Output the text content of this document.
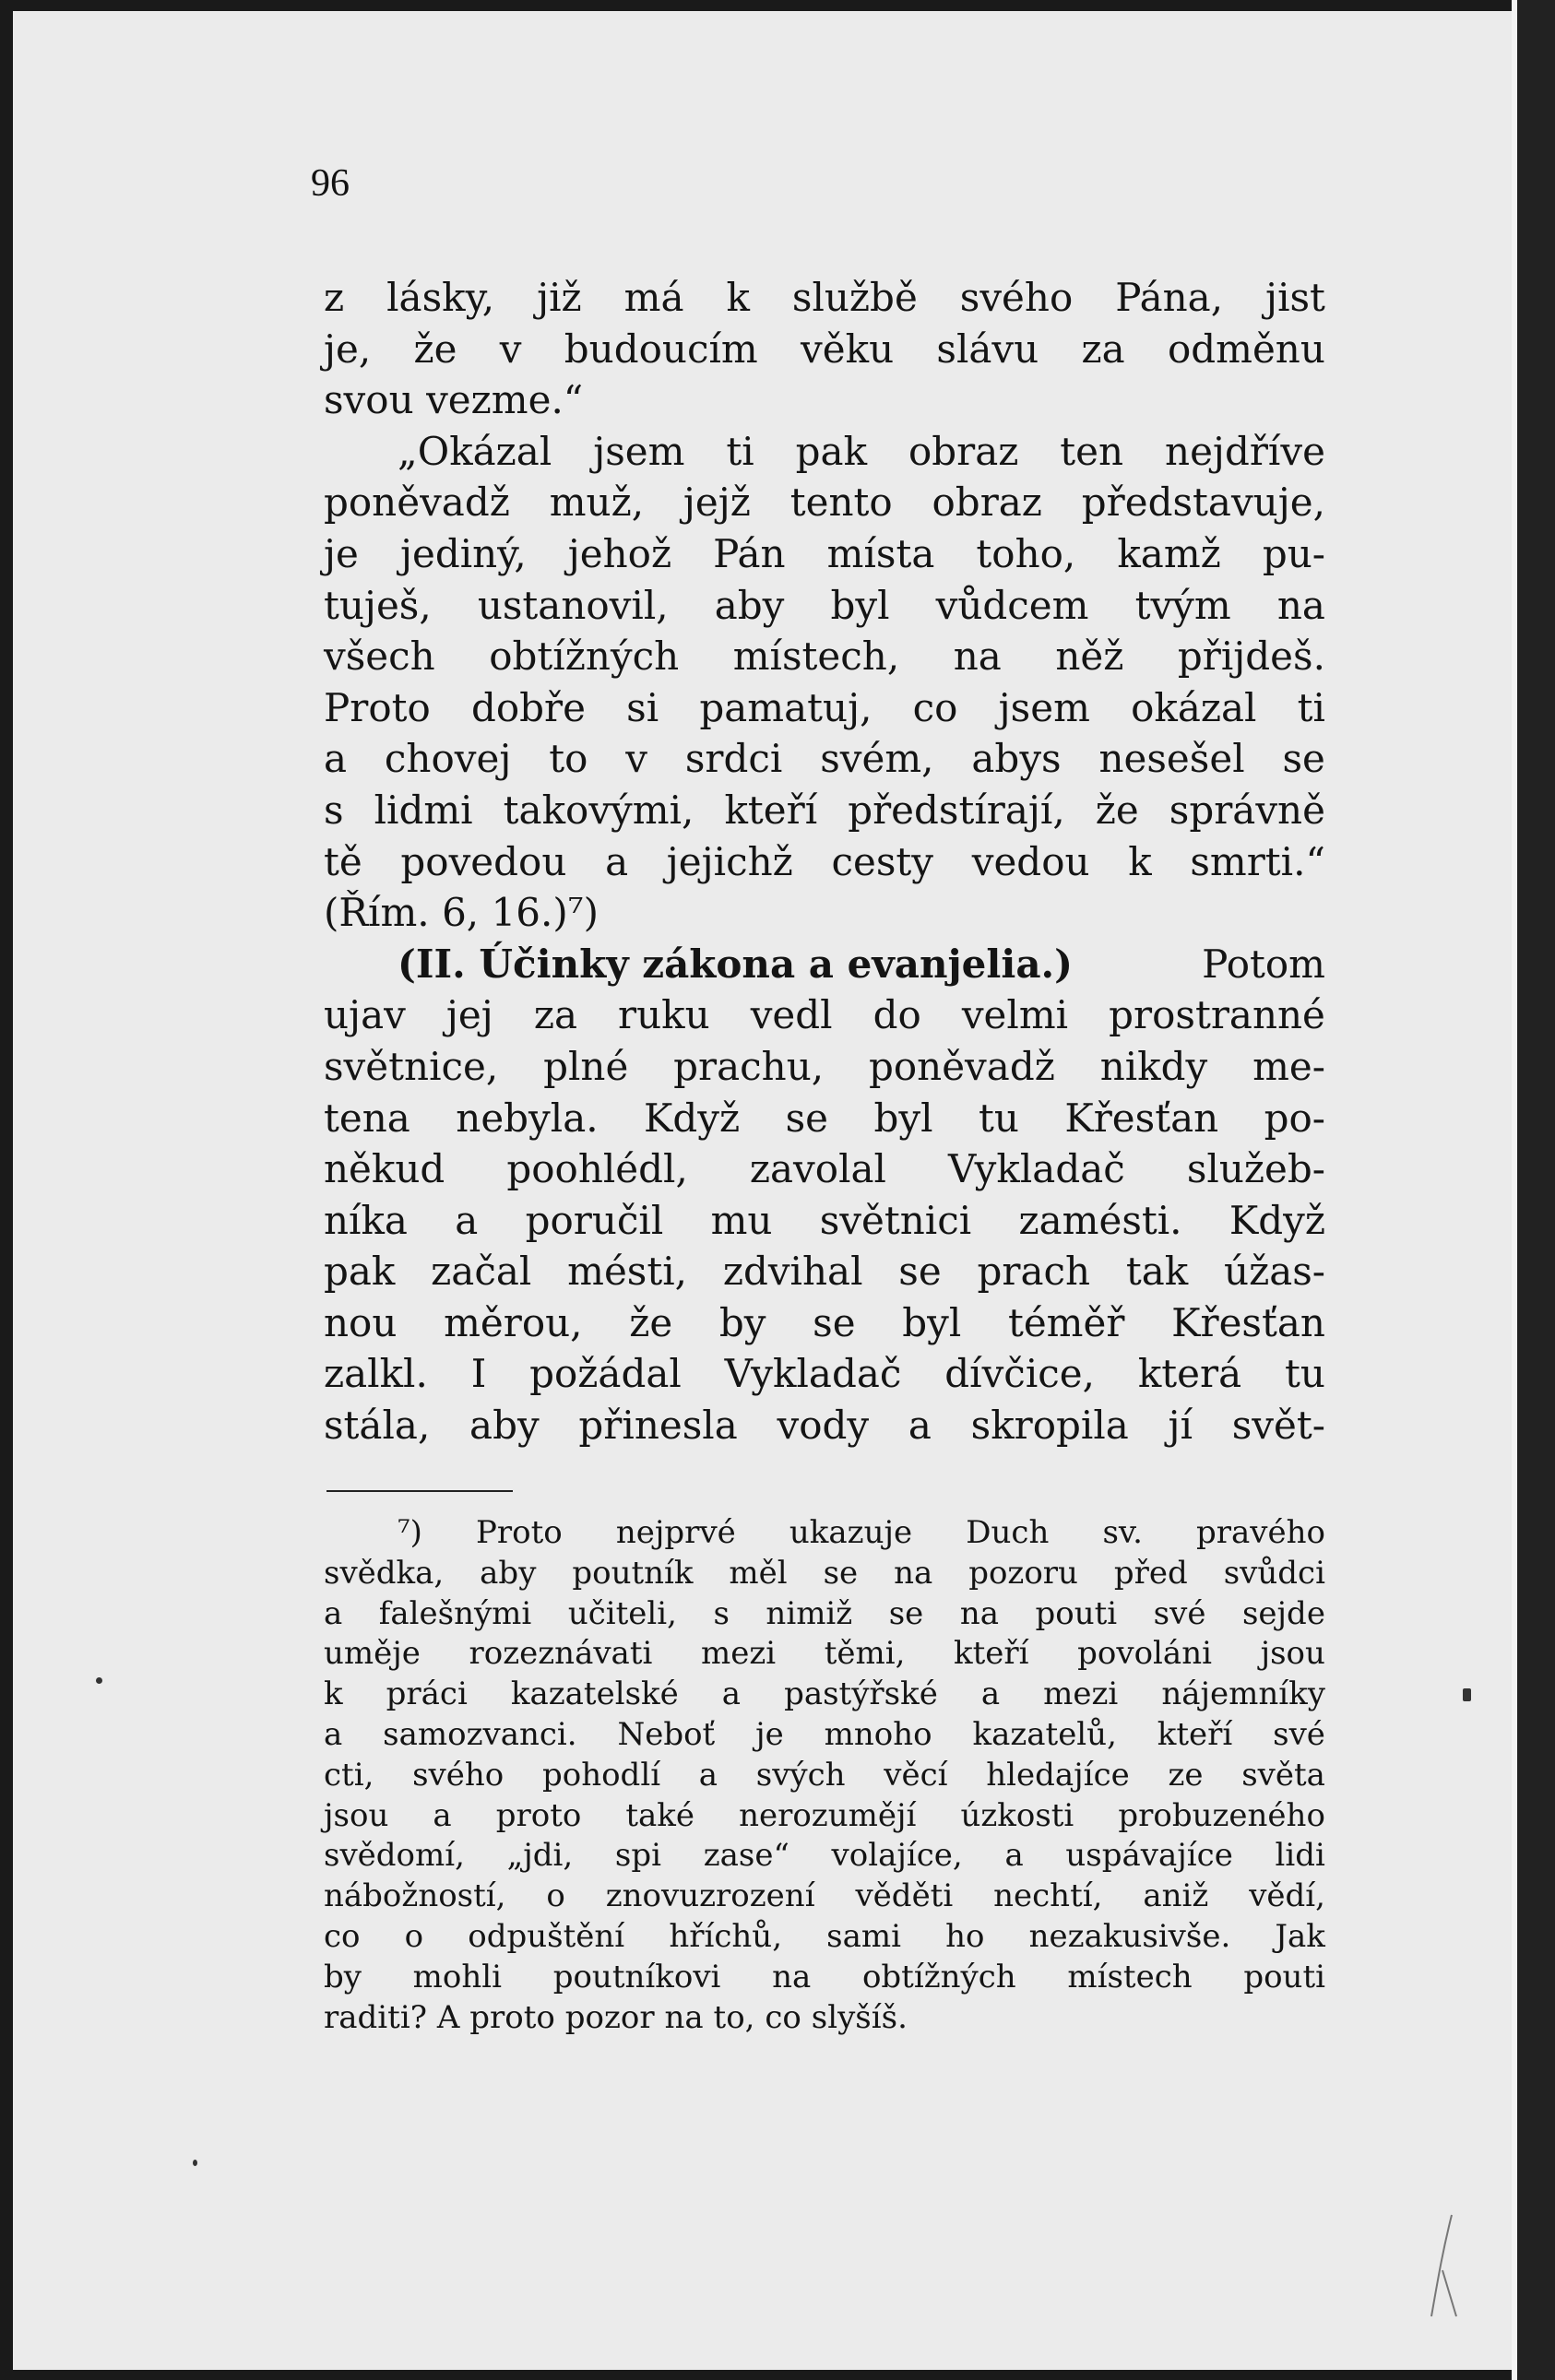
96
z lásky, již má k službě svého Pána, jist
je, že v budoucím věku slávu za odměnu
svou vezme.“
„Okázal jsem ti pak obraz ten nejdříve
poněvadž muž, jejž tento obraz představuje,
je jediný, jehož Pán místa toho, kamž pu-
tuješ, ustanovil, aby byl vůdcem tvým na
všech obtížných místech, na něž přijdeš.
Proto dobře si pamatuj, co jsem okázal ti
a chovej to v srdci svém, abys nesešel se
s lidmi takovými, kteří předstírají, že správně
tě povedou a jejichž cesty vedou k smrti.“
(Řím. 6, 16.)⁷)
(II. Účinky zákona a evanjelia.)	Potom
ujav jej za ruku vedl do velmi prostranné
světnice, plné prachu, poněvadž nikdy me-
tena nebyla. Když se byl tu Křesťan po-
někud poohlédl, zavolal Vykladač služeb-
níka a poručil mu světnici zamésti. Když
pak začal mésti, zdvihal se prach tak úžas-
nou měrou, že by se byl téměř Křesťan
zalkl. I požádal Vykladač dívčice, která tu
stála, aby přinesla vody a skropila jí svět-
⁷) Proto nejprvé ukazuje Duch sv. pravého
svědka, aby poutník měl se na pozoru před svůdci
a falešnými učiteli, s nimiž se na pouti své sejde
uměje rozeznávati mezi těmi, kteří povoláni jsou
k práci kazatelské a pastýřské a mezi nájemníky
a samozvanci. Neboť je mnoho kazatelů, kteří své
cti, svého pohodlí a svých věcí hledajíce ze světa
jsou a proto také nerozumějí úzkosti probuzeného
svědomí, „jdi, spi zase“ volajíce, a uspávajíce lidi
nábožností, o znovuzrození věděti nechtí, aniž vědí,
co o odpuštění hříchů, sami ho nezakusivše. Jak
by mohli poutníkovi na obtížných místech pouti
raditi? A proto pozor na to, co slyšíš.
